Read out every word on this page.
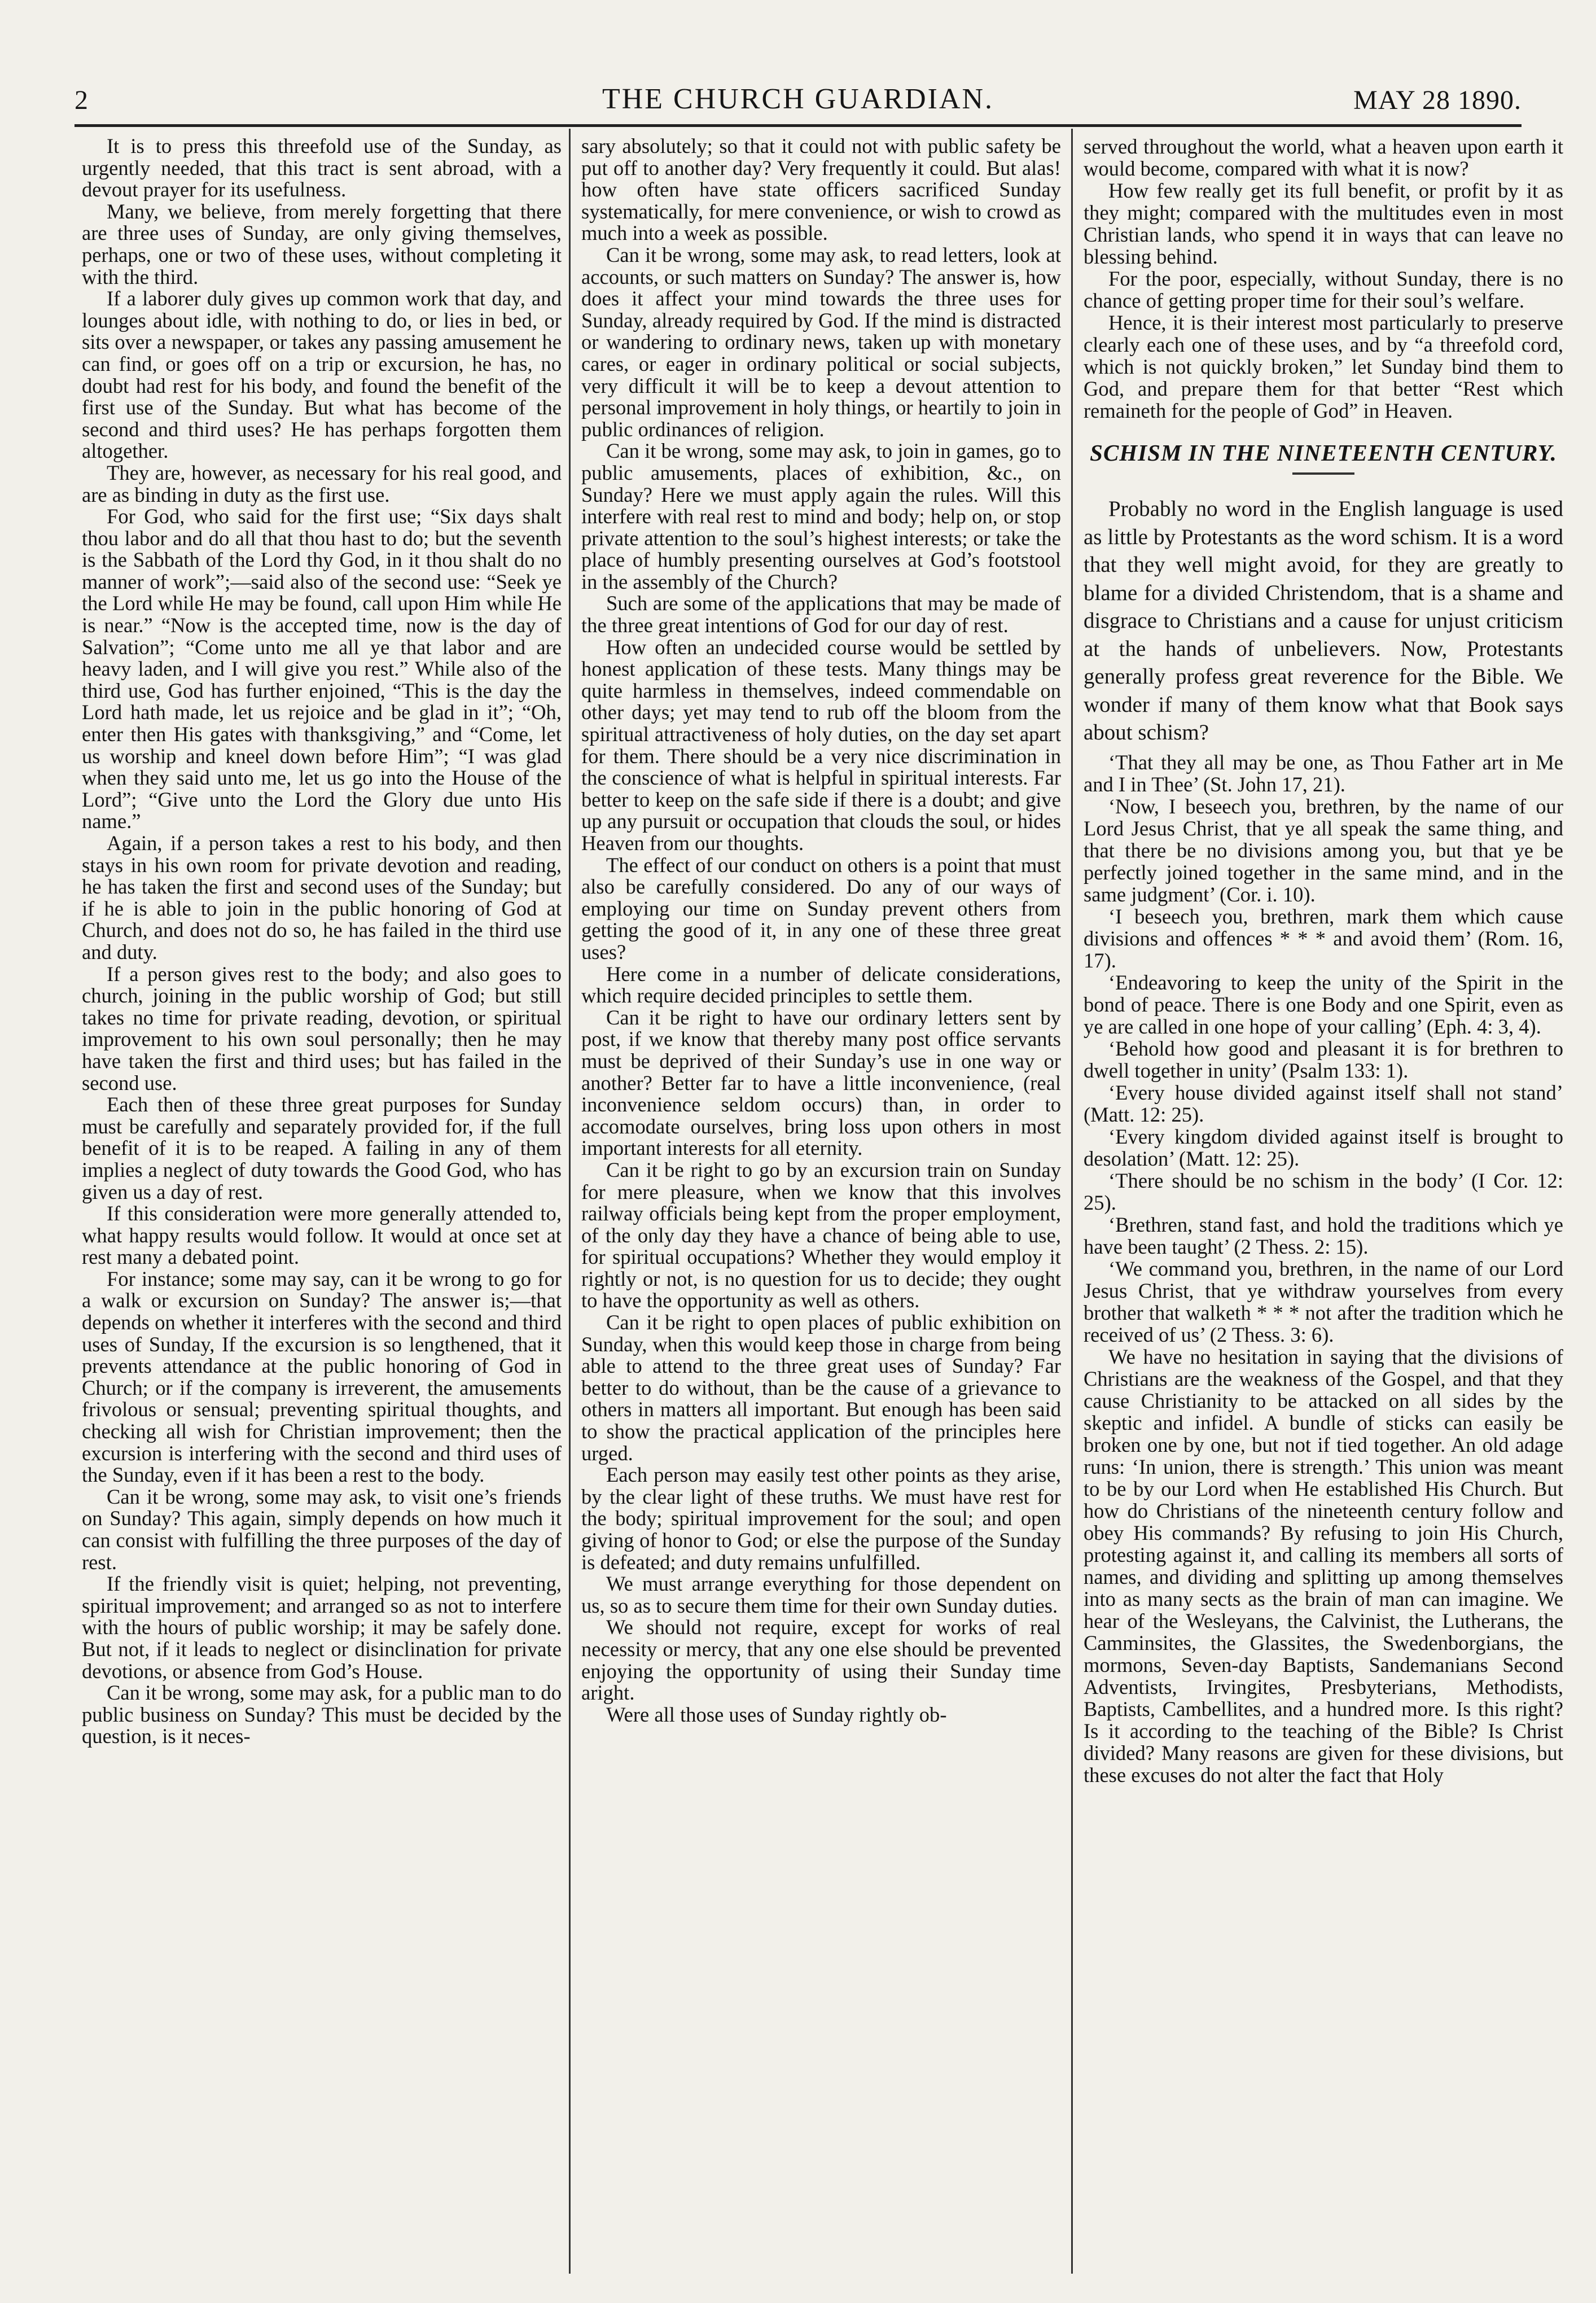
2	THE CHURCH GUARDIAN.	MAY 28 1890.

It is to press this threefold use of the Sunday, as urgently needed, that this tract is sent abroad, with a devout prayer for its usefulness.

Many, we believe, from merely forgetting that there are three uses of Sunday, are only giving themselves, perhaps, one or two of these uses, without completing it with the third.

If a laborer duly gives up common work that day, and lounges about idle, with nothing to do, or lies in bed, or sits over a newspaper, or takes any passing amusement he can find, or goes off on a trip or excursion, he has, no doubt had rest for his body, and found the benefit of the first use of the Sunday. But what has become of the second and third uses? He has perhaps forgotten them altogether.

They are, however, as necessary for his real good, and are as binding in duty as the first use.

For God, who said for the first use; “Six days shalt thou labor and do all that thou hast to do; but the seventh is the Sabbath of the Lord thy God, in it thou shalt do no manner of work”;—said also of the second use: “Seek ye the Lord while He may be found, call upon Him while He is near.” “Now is the accepted time, now is the day of Salvation”; “Come unto me all ye that labor and are heavy laden, and I will give you rest.” While also of the third use, God has further enjoined, “This is the day the Lord hath made, let us rejoice and be glad in it”; “Oh, enter then His gates with thanksgiving,” and “Come, let us worship and kneel down before Him”; “I was glad when they said unto me, let us go into the House of the Lord”; “Give unto the Lord the Glory due unto His name.”

Again, if a person takes a rest to his body, and then stays in his own room for private devotion and reading, he has taken the first and second uses of the Sunday; but if he is able to join in the public honoring of God at Church, and does not do so, he has failed in the third use and duty.

If a person gives rest to the body; and also goes to church, joining in the public worship of God; but still takes no time for private reading, devotion, or spiritual improvement to his own soul personally; then he may have taken the first and third uses; but has failed in the second use.

Each then of these three great purposes for Sunday must be carefully and separately provided for, if the full benefit of it is to be reaped. A failing in any of them implies a neglect of duty towards the Good God, who has given us a day of rest.

If this consideration were more generally attended to, what happy results would follow. It would at once set at rest many a debated point.

For instance; some may say, can it be wrong to go for a walk or excursion on Sunday? The answer is;—that depends on whether it interferes with the second and third uses of Sunday, If the excursion is so lengthened, that it prevents attendance at the public honoring of God in Church; or if the company is irreverent, the amusements frivolous or sensual; preventing spiritual thoughts, and checking all wish for Christian improvement; then the excursion is interfering with the second and third uses of the Sunday, even if it has been a rest to the body.

Can it be wrong, some may ask, to visit one’s friends on Sunday? This again, simply depends on how much it can consist with fulfilling the three purposes of the day of rest.

If the friendly visit is quiet; helping, not preventing, spiritual improvement; and arranged so as not to interfere with the hours of public worship; it may be safely done. But not, if it leads to neglect or disinclination for private devotions, or absence from God’s House.

Can it be wrong, some may ask, for a public man to do public business on Sunday? This must be decided by the question, is it neces-

sary absolutely; so that it could not with public safety be put off to another day? Very frequently it could. But alas! how often have state officers sacrificed Sunday systematically, for mere convenience, or wish to crowd as much into a week as possible.

Can it be wrong, some may ask, to read letters, look at accounts, or such matters on Sunday? The answer is, how does it affect your mind towards the three uses for Sunday, already required by God. If the mind is distracted or wandering to ordinary news, taken up with monetary cares, or eager in ordinary political or social subjects, very difficult it will be to keep a devout attention to personal improvement in holy things, or heartily to join in public ordinances of religion.

Can it be wrong, some may ask, to join in games, go to public amusements, places of exhibition, &c., on Sunday? Here we must apply again the rules. Will this interfere with real rest to mind and body; help on, or stop private attention to the soul’s highest interests; or take the place of humbly presenting ourselves at God’s footstool in the assembly of the Church?

Such are some of the applications that may be made of the three great intentions of God for our day of rest.

How often an undecided course would be settled by honest application of these tests. Many things may be quite harmless in themselves, indeed commendable on other days; yet may tend to rub off the bloom from the spiritual attractiveness of holy duties, on the day set apart for them. There should be a very nice discrimination in the conscience of what is helpful in spiritual interests. Far better to keep on the safe side if there is a doubt; and give up any pursuit or occupation that clouds the soul, or hides Heaven from our thoughts.

The effect of our conduct on others is a point that must also be carefully considered. Do any of our ways of employing our time on Sunday prevent others from getting the good of it, in any one of these three great uses?

Here come in a number of delicate considerations, which require decided principles to settle them.

Can it be right to have our ordinary letters sent by post, if we know that thereby many post office servants must be deprived of their Sunday’s use in one way or another? Better far to have a little inconvenience, (real inconvenience seldom occurs) than, in order to accomodate ourselves, bring loss upon others in most important interests for all eternity.

Can it be right to go by an excursion train on Sunday for mere pleasure, when we know that this involves railway officials being kept from the proper employment, of the only day they have a chance of being able to use, for spiritual occupations? Whether they would employ it rightly or not, is no question for us to decide; they ought to have the opportunity as well as others.

Can it be right to open places of public exhibition on Sunday, when this would keep those in charge from being able to attend to the three great uses of Sunday? Far better to do without, than be the cause of a grievance to others in matters all important. But enough has been said to show the practical application of the principles here urged.

Each person may easily test other points as they arise, by the clear light of these truths. We must have rest for the body; spiritual improvement for the soul; and open giving of honor to God; or else the purpose of the Sunday is defeated; and duty remains unfulfilled.

We must arrange everything for those dependent on us, so as to secure them time for their own Sunday duties.

We should not require, except for works of real necessity or mercy, that any one else should be prevented enjoying the opportunity of using their Sunday time aright.

Were all those uses of Sunday rightly ob-

served throughout the world, what a heaven upon earth it would become, compared with what it is now?

How few really get its full benefit, or profit by it as they might; compared with the multitudes even in most Christian lands, who spend it in ways that can leave no blessing behind.

For the poor, especially, without Sunday, there is no chance of getting proper time for their soul’s welfare.

Hence, it is their interest most particularly to preserve clearly each one of these uses, and by “a threefold cord, which is not quickly broken,” let Sunday bind them to God, and prepare them for that better “Rest which remaineth for the people of God” in Heaven.

SCHISM IN THE NINETEENTH CENTURY.

Probably no word in the English language is used as little by Protestants as the word schism. It is a word that they well might avoid, for they are greatly to blame for a divided Christendom, that is a shame and disgrace to Christians and a cause for unjust criticism at the hands of unbelievers. Now, Protestants generally profess great reverence for the Bible. We wonder if many of them know what that Book says about schism?

‘That they all may be one, as Thou Father art in Me and I in Thee’ (St. John 17, 21).

‘Now, I beseech you, brethren, by the name of our Lord Jesus Christ, that ye all speak the same thing, and that there be no divisions among you, but that ye be perfectly joined together in the same mind, and in the same judgment’ (Cor. i. 10).

‘I beseech you, brethren, mark them which cause divisions and offences * * * and avoid them’ (Rom. 16, 17).

‘Endeavoring to keep the unity of the Spirit in the bond of peace. There is one Body and one Spirit, even as ye are called in one hope of your calling’ (Eph. 4: 3, 4).

‘Behold how good and pleasant it is for brethren to dwell together in unity’ (Psalm 133: 1).

‘Every house divided against itself shall not stand’ (Matt. 12: 25).

‘Every kingdom divided against itself is brought to desolation’ (Matt. 12: 25).

‘There should be no schism in the body’ (I Cor. 12: 25).

‘Brethren, stand fast, and hold the traditions which ye have been taught’ (2 Thess. 2: 15).

‘We command you, brethren, in the name of our Lord Jesus Christ, that ye withdraw yourselves from every brother that walketh * * * not after the tradition which he received of us’ (2 Thess. 3: 6).

We have no hesitation in saying that the divisions of Christians are the weakness of the Gospel, and that they cause Christianity to be attacked on all sides by the skeptic and infidel. A bundle of sticks can easily be broken one by one, but not if tied together. An old adage runs: ‘In union, there is strength.’ This union was meant to be by our Lord when He established His Church. But how do Christians of the nineteenth century follow and obey His commands? By refusing to join His Church, protesting against it, and calling its members all sorts of names, and dividing and splitting up among themselves into as many sects as the brain of man can imagine. We hear of the Wesleyans, the Calvinist, the Lutherans, the Camminsites, the Glassites, the Swedenborgians, the mormons, Seven-day Baptists, Sandemanians Second Adventists, Irvingites, Presbyterians, Methodists, Baptists, Cambellites, and a hundred more. Is this right? Is it according to the teaching of the Bible? Is Christ divided? Many reasons are given for these divisions, but these excuses do not alter the fact that Holy
